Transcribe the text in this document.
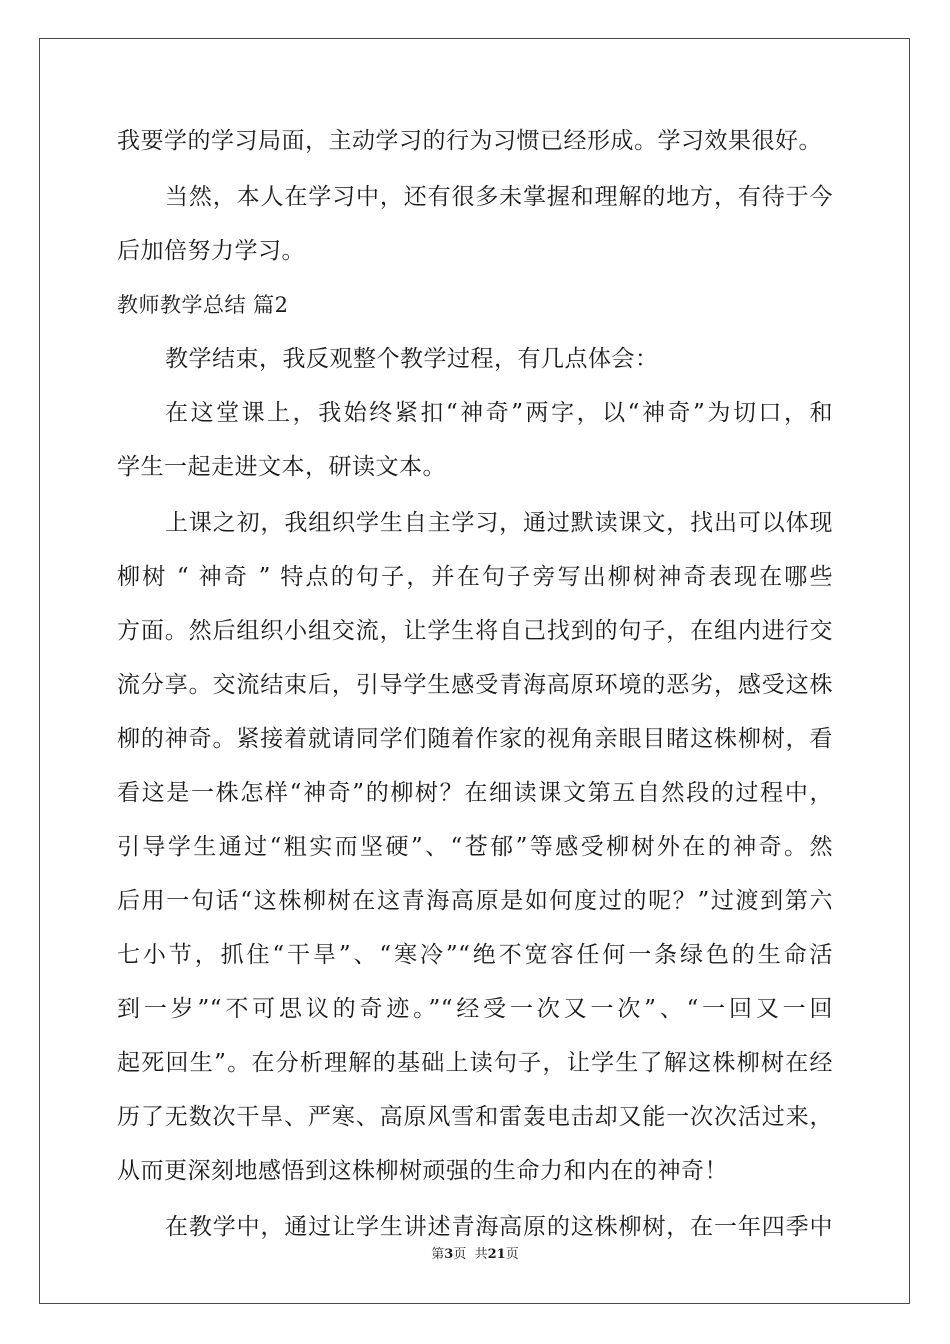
我要学的学习局面，主动学习的行为习惯已经形成。学习效果很好。
当然，本人在学习中，还有很多未掌握和理解的地方，有待于今
后加倍努力学习。
教师教学总结 篇2
教学结束，我反观整个教学过程，有几点体会：
在这堂课上，我始终紧扣“神奇”两字，以“神奇”为切口，和
学生一起走进文本，研读文本。
上课之初，我组织学生自主学习，通过默读课文，找出可以体现
柳树 “ 神奇 ” 特点的句子，并在句子旁写出柳树神奇表现在哪些
方面。然后组织小组交流，让学生将自己找到的句子，在组内进行交
流分享。交流结束后，引导学生感受青海高原环境的恶劣，感受这株
柳的神奇。紧接着就请同学们随着作家的视角亲眼目睹这株柳树，看
看这是一株怎样“神奇”的柳树？在细读课文第五自然段的过程中，
引导学生通过“粗实而坚硬”、“苍郁”等感受柳树外在的神奇。然
后用一句话“这株柳树在这青海高原是如何度过的呢？”过渡到第六
七小节，抓住“干旱”、“寒冷”“绝不宽容任何一条绿色的生命活
到一岁”“不可思议的奇迹。”“经受一次又一次”、“一回又一回
起死回生”。在分析理解的基础上读句子，让学生了解这株柳树在经
历了无数次干旱、严寒、高原风雪和雷轰电击却又能一次次活过来，
从而更深刻地感悟到这株柳树顽强的生命力和内在的神奇！
在教学中，通过让学生讲述青海高原的这株柳树，在一年四季中
第3页  共21页
